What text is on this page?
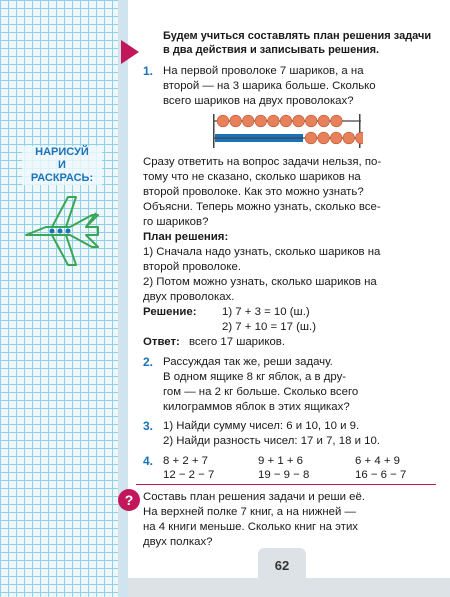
НАРИСУЙ
И
РАСКРАСЬ:
Будем учиться составлять план решения задачи
в два действия и записывать решения.
1. На первой проволоке 7 шариков, а на
второй — на 3 шарика больше. Сколько
всего шариков на двух проволоках?
Сразу ответить на вопрос задачи нельзя, по-
тому что не сказано, сколько шариков на
второй проволоке. Как это можно узнать?
Объясни. Теперь можно узнать, сколько все-
го шариков?
План решения:
1) Сначала надо узнать, сколько шариков на
второй проволоке.
2) Потом можно узнать, сколько шариков на
двух проволоках.
Решение: 1) 7 + 3 = 10 (ш.)
2) 7 + 10 = 17 (ш.)
Ответ: всего 17 шариков.
2. Рассуждая так же, реши задачу.
В одном ящике 8 кг яблок, а в дру-
гом — на 2 кг больше. Сколько всего
килограммов яблок в этих ящиках?
3. 1) Найди сумму чисел: 6 и 10, 10 и 9.
2) Найди разность чисел: 17 и 7, 18 и 10.
4. 8 + 2 + 7	9 + 1 + 6	6 + 4 + 9
12 − 2 − 7	19 − 9 − 8	16 − 6 − 7
? Составь план решения задачи и реши её.
На верхней полке 7 книг, а на нижней —
на 4 книги меньше. Сколько книг на этих
двух полках?
62
